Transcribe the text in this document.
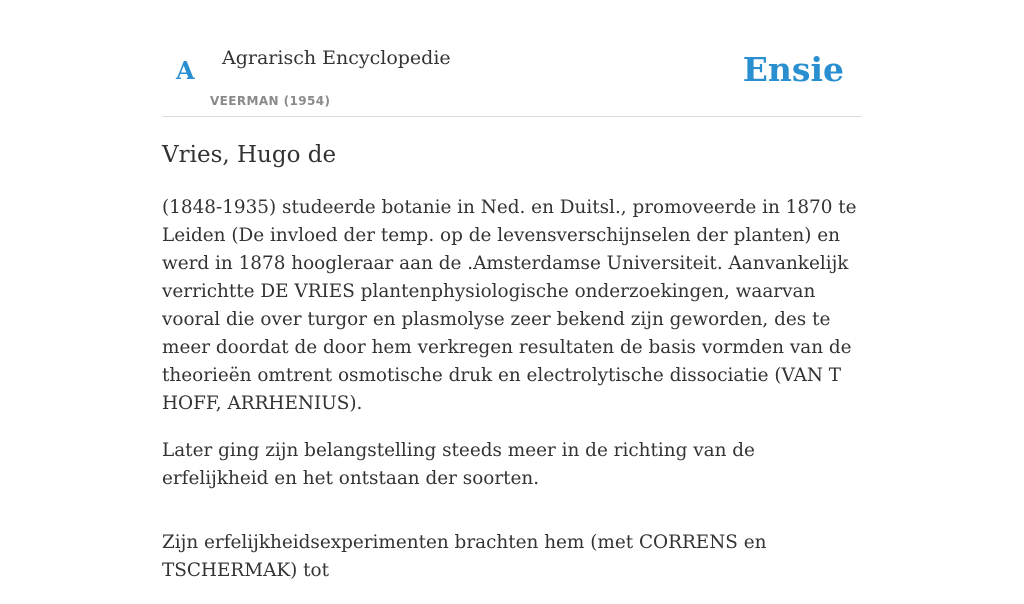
A Agrarisch Encyclopedie
VEERMAN (1954)
Ensie
Vries, Hugo de

(1848-1935) studeerde botanie in Ned. en Duitsl., promoveerde in 1870 te Leiden (De invloed der temp. op de levensverschijnselen der planten) en werd in 1878 hoogleraar aan de .Amsterdamse Universiteit. Aanvankelijk verrichtte DE VRIES plantenphysiologische onderzoekingen, waarvan vooral die over turgor en plasmolyse zeer bekend zijn geworden, des te meer doordat de door hem verkregen resultaten de basis vormden van de theorieën omtrent osmotische druk en electrolytische dissociatie (VAN T HOFF, ARRHENIUS).

Later ging zijn belangstelling steeds meer in de richting van de erfelijkheid en het ontstaan der soorten.

Zijn erfelijkheidsexperimenten brachten hem (met CORRENS en TSCHERMAK) tot
